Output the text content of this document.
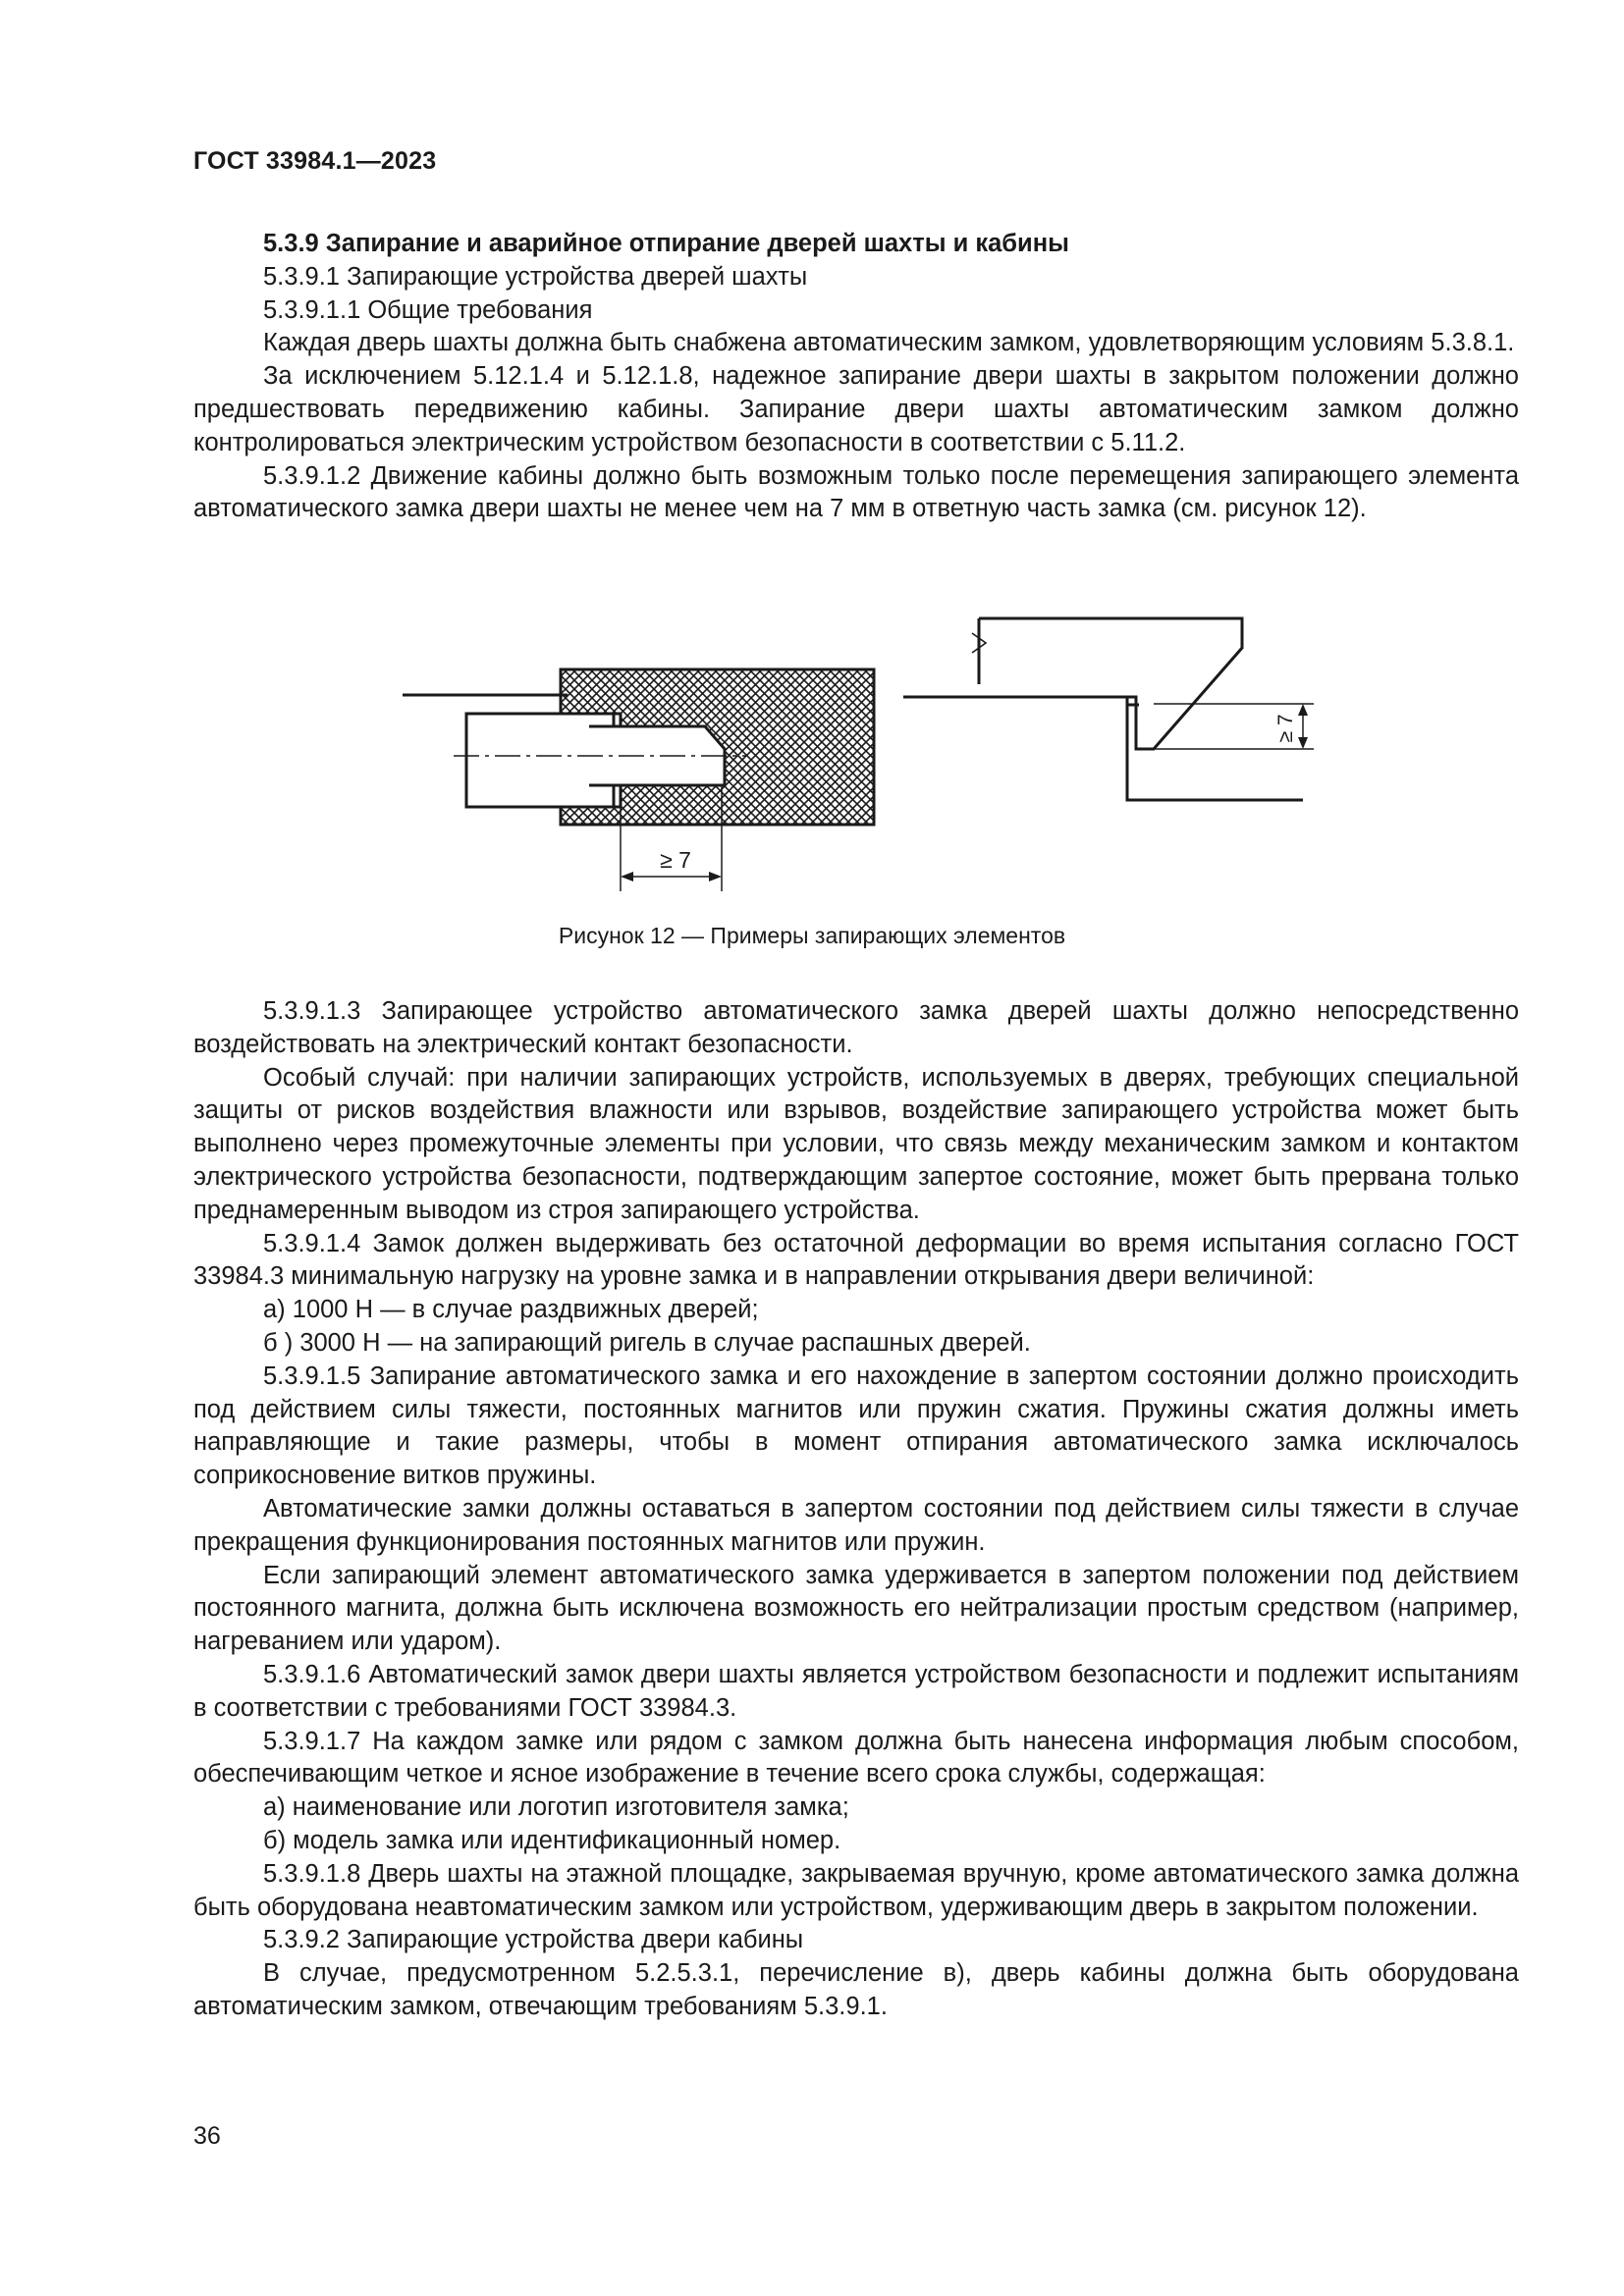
ГОСТ 33984.1—2023

5.3.9 Запирание и аварийное отпирание дверей шахты и кабины

5.3.9.1 Запирающие устройства дверей шахты

5.3.9.1.1 Общие требования

Каждая дверь шахты должна быть снабжена автоматическим замком, удовлетворяющим условиям 5.3.8.1.

За исключением 5.12.1.4 и 5.12.1.8, надежное запирание двери шахты в закрытом положении должно предшествовать передвижению кабины. Запирание двери шахты автоматическим замком должно контролироваться электрическим устройством безопасности в соответствии с 5.11.2.

5.3.9.1.2 Движение кабины должно быть возможным только после перемещения запирающего элемента автоматического замка двери шахты не менее чем на 7 мм в ответную часть замка (см. рисунок 12).

≥ 7
≥ 7
Рисунок 12 — Примеры запирающих элементов

5.3.9.1.3 Запирающее устройство автоматического замка дверей шахты должно непосредственно воздействовать на электрический контакт безопасности.

Особый случай: при наличии запирающих устройств, используемых в дверях, требующих специальной защиты от рисков воздействия влажности или взрывов, воздействие запирающего устройства может быть выполнено через промежуточные элементы при условии, что связь между механическим замком и контактом электрического устройства безопасности, подтверждающим запертое состояние, может быть прервана только преднамеренным выводом из строя запирающего устройства.

5.3.9.1.4 Замок должен выдерживать без остаточной деформации во время испытания согласно ГОСТ 33984.3 минимальную нагрузку на уровне замка и в направлении открывания двери величиной:

а) 1000 Н — в случае раздвижных дверей;

б ) 3000 Н — на запирающий ригель в случае распашных дверей.

5.3.9.1.5 Запирание автоматического замка и его нахождение в запертом состоянии должно происходить под действием силы тяжести, постоянных магнитов или пружин сжатия. Пружины сжатия должны иметь направляющие и такие размеры, чтобы в момент отпирания автоматического замка исключалось соприкосновение витков пружины.

Автоматические замки должны оставаться в запертом состоянии под действием силы тяжести в случае прекращения функционирования постоянных магнитов или пружин.

Если запирающий элемент автоматического замка удерживается в запертом положении под действием постоянного магнита, должна быть исключена возможность его нейтрализации простым средством (например, нагреванием или ударом).

5.3.9.1.6 Автоматический замок двери шахты является устройством безопасности и подлежит испытаниям в соответствии с требованиями ГОСТ 33984.3.

5.3.9.1.7 На каждом замке или рядом с замком должна быть нанесена информация любым способом, обеспечивающим четкое и ясное изображение в течение всего срока службы, содержащая:

а) наименование или логотип изготовителя замка;

б) модель замка или идентификационный номер.

5.3.9.1.8 Дверь шахты на этажной площадке, закрываемая вручную, кроме автоматического замка должна быть оборудована неавтоматическим замком или устройством, удерживающим дверь в закрытом положении.

5.3.9.2 Запирающие устройства двери кабины

В случае, предусмотренном 5.2.5.3.1, перечисление в), дверь кабины должна быть оборудована автоматическим замком, отвечающим требованиям 5.3.9.1.

36
